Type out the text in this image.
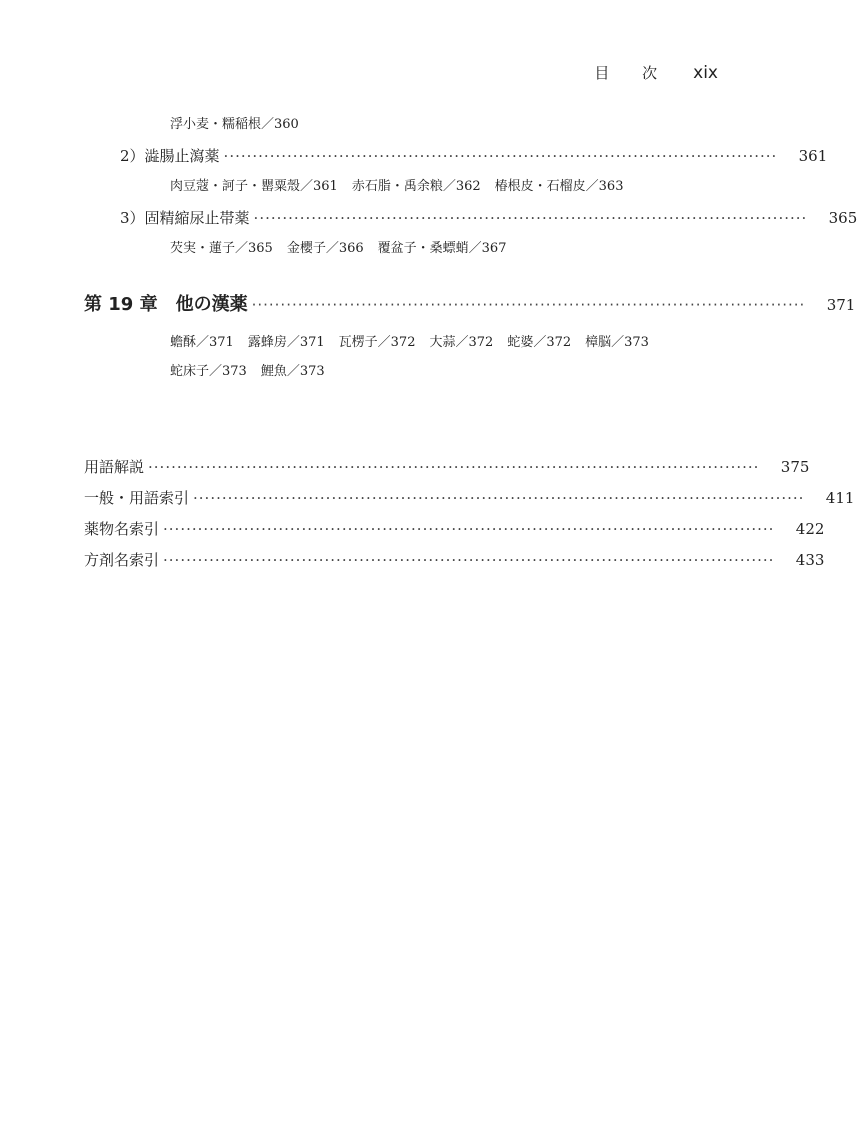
目 次 xix
浮小麦・糯稲根／360
2）澁腸止瀉薬 ································································································	361
肉豆蔻・訶子・罌粟殼／361 赤石脂・禹余粮／362 椿根皮・石榴皮／363
3）固精縮尿止帯薬 ································································································	365
芡実・蓮子／365 金櫻子／366 覆盆子・桑螵蛸／367
第 19 章　他の漢薬 ································································································	371
蟾酥／371 露蜂房／371 瓦楞子／372 大蒜／372 蛇婆／372 樟脳／373
蛇床子／373 鯉魚／373
用語解説 ··········································································································	375
一般・用語索引 ··········································································································	411
薬物名索引 ··········································································································	422
方剤名索引 ··········································································································	433
